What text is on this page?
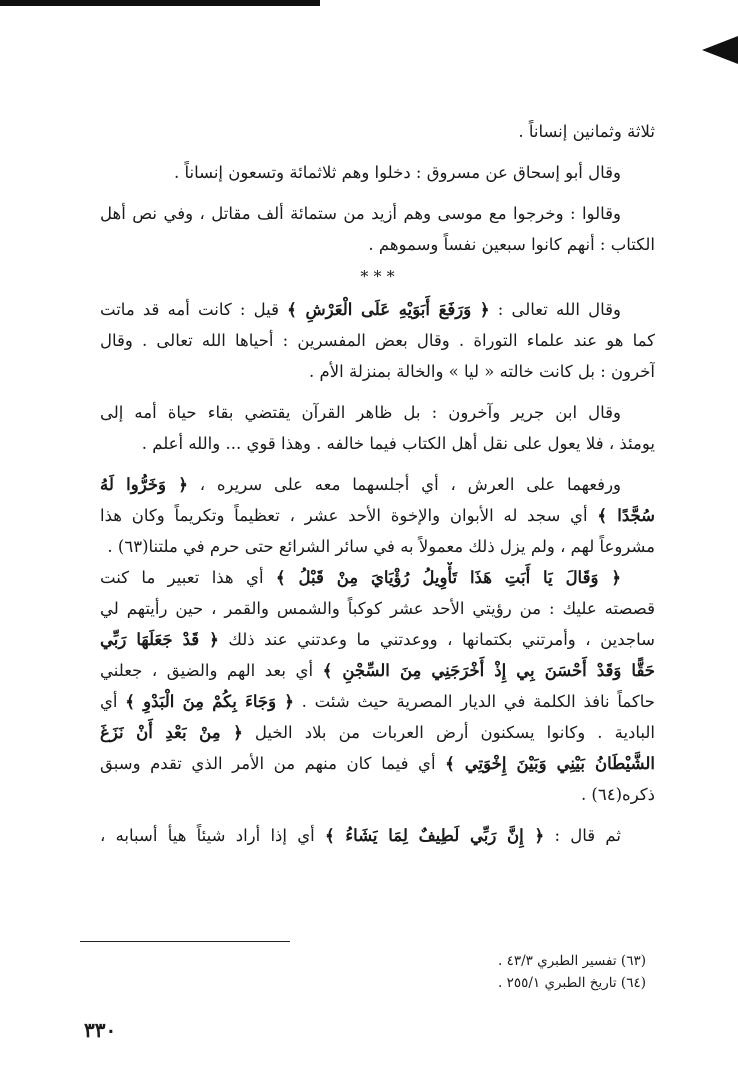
ثلاثة وثمانين إنساناً .
وقال أبو إسحاق عن مسروق : دخلوا وهم ثلاثمائة وتسعون إنساناً .
وقالوا : وخرجوا مع موسى وهم أزيد من ستمائة ألف مقاتل ، وفي نص أهل
الكتاب : أنهم كانوا سبعين نفساً وسموهم .
* * *
وقال الله تعالى : ﴿ وَرَفَعَ أَبَوَيْهِ عَلَى الْعَرْشِ ﴾ قيل : كانت أمه قد ماتت
كما هو عند علماء التوراة . وقال بعض المفسرين : أحياها الله تعالى . وقال
آخرون : بل كانت خالته « ليا » والخالة بمنزلة الأم .
وقال ابن جرير وآخرون : بل ظاهر القرآن يقتضي بقاء حياة أمه إلى
يومئذ ، فلا يعول على نقل أهل الكتاب فيما خالفه . وهذا قوي ... والله أعلم .
ورفعهما على العرش ، أي أجلسهما معه على سريره ، ﴿ وَخَرُّوا لَهُ
سُجَّدًا ﴾ أي سجد له الأبوان والإخوة الأحد عشر ، تعظيماً وتكريماً وكان هذا
مشروعاً لهم ، ولم يزل ذلك معمولاً به في سائر الشرائع حتى حرم في ملتنا(٦٣) .
﴿ وَقَالَ يَا أَبَتِ هَذَا تَأْوِيلُ رُؤْيَايَ مِنْ قَبْلُ ﴾ أي هذا تعبير ما كنت
قصصته عليك : من رؤيتي الأحد عشر كوكباً والشمس والقمر ، حين رأيتهم لي
ساجدين ، وأمرتني بكتمانها ، ووعدتني ما وعدتني عند ذلك ﴿ قَدْ جَعَلَهَا رَبِّي
حَقًّا وَقَدْ أَحْسَنَ بِي إِذْ أَخْرَجَنِي مِنَ السِّجْنِ ﴾ أي بعد الهم والضيق ، جعلني
حاكماً نافذ الكلمة في الديار المصرية حيث شئت . ﴿ وَجَاءَ بِكُمْ مِنَ الْبَدْوِ ﴾ أي
البادية . وكانوا يسكنون أرض العربات من بلاد الخيل ﴿ مِنْ بَعْدِ أَنْ نَزَغَ
الشَّيْطَانُ بَيْنِي وَبَيْنَ إِخْوَتِي ﴾ أي فيما كان منهم من الأمر الذي تقدم وسبق
ذكره(٦٤) .
ثم قال : ﴿ إِنَّ رَبِّي لَطِيفٌ لِمَا يَشَاءُ ﴾ أي إذا أراد شيئاً هيأ أسبابه ،
(٦٣) تفسير الطبري ٤٣/٣ .
(٦٤) تاريخ الطبري ٢٥٥/١ .
٣٣٠
